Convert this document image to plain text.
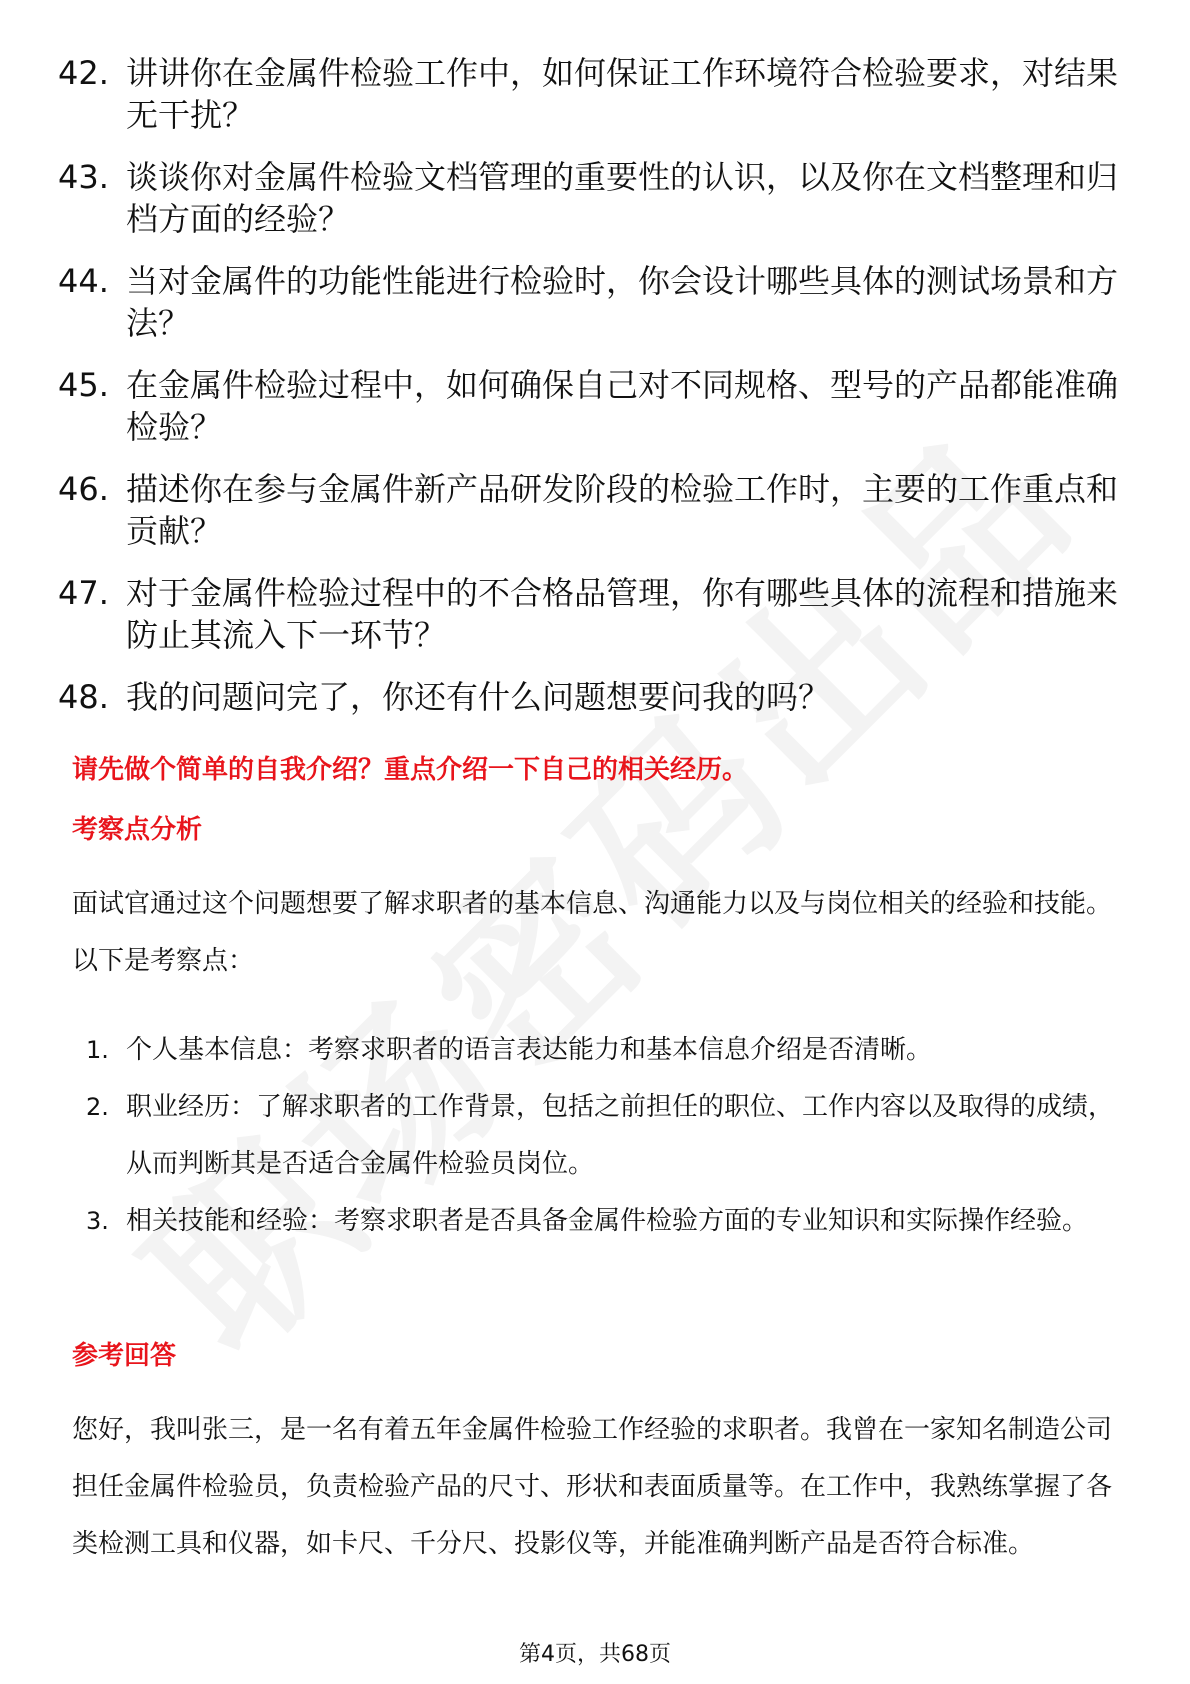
42. 讲讲你在金属件检验工作中，如何保证工作环境符合检验要求，对结果无干扰？
43. 谈谈你对金属件检验文档管理的重要性的认识，以及你在文档整理和归档方面的经验？
44. 当对金属件的功能性能进行检验时，你会设计哪些具体的测试场景和方法？
45. 在金属件检验过程中，如何确保自己对不同规格、型号的产品都能准确检验？
46. 描述你在参与金属件新产品研发阶段的检验工作时，主要的工作重点和贡献？
47. 对于金属件检验过程中的不合格品管理，你有哪些具体的流程和措施来防止其流入下一环节？
48. 我的问题问完了，你还有什么问题想要问我的吗？
请先做个简单的自我介绍？重点介绍一下自己的相关经历。
考察点分析
面试官通过这个问题想要了解求职者的基本信息、沟通能力以及与岗位相关的经验和技能。以下是考察点：
1. 个人基本信息：考察求职者的语言表达能力和基本信息介绍是否清晰。
2. 职业经历：了解求职者的工作背景，包括之前担任的职位、工作内容以及取得的成绩，从而判断其是否适合金属件检验员岗位。
3. 相关技能和经验：考察求职者是否具备金属件检验方面的专业知识和实际操作经验。
参考回答
您好，我叫张三，是一名有着五年金属件检验工作经验的求职者。我曾在一家知名制造公司担任金属件检验员，负责检验产品的尺寸、形状和表面质量等。在工作中，我熟练掌握了各类检测工具和仪器，如卡尺、千分尺、投影仪等，并能准确判断产品是否符合标准。
第4页，共68页
